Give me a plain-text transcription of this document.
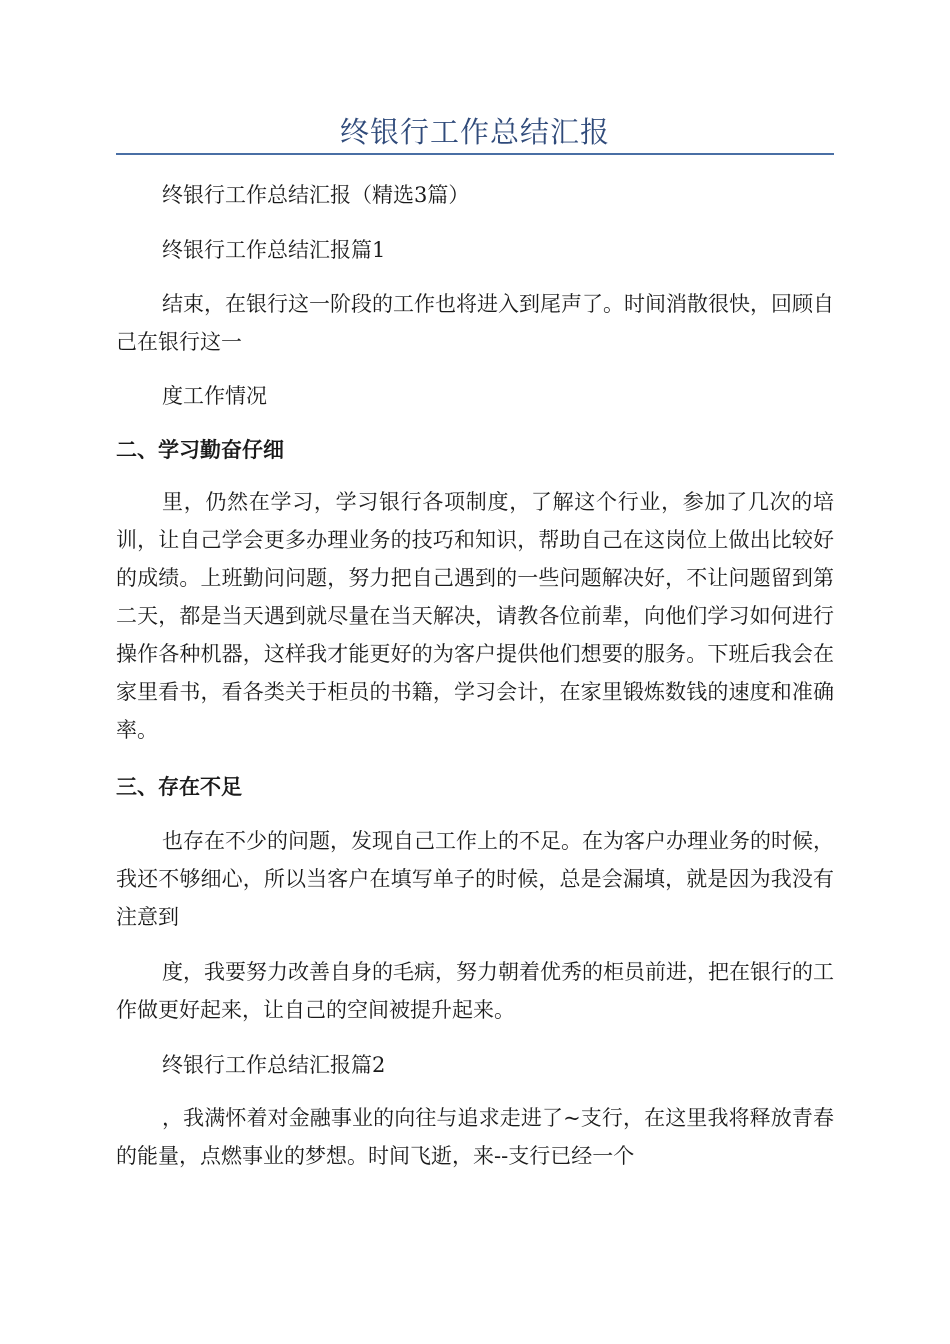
终银行工作总结汇报

终银行工作总结汇报（精选3篇）

终银行工作总结汇报篇1

结束，在银行这一阶段的工作也将进入到尾声了。时间消散很快，回顾自己在银行这一

度工作情况

二、学习勤奋仔细

里，仍然在学习，学习银行各项制度，了解这个行业，参加了几次的培训，让自己学会更多办理业务的技巧和知识，帮助自己在这岗位上做出比较好的成绩。上班勤问问题，努力把自己遇到的一些问题解决好，不让问题留到第二天，都是当天遇到就尽量在当天解决，请教各位前辈，向他们学习如何进行操作各种机器，这样我才能更好的为客户提供他们想要的服务。下班后我会在家里看书，看各类关于柜员的书籍，学习会计，在家里锻炼数钱的速度和准确率。

三、存在不足

也存在不少的问题，发现自己工作上的不足。在为客户办理业务的时候，我还不够细心，所以当客户在填写单子的时候，总是会漏填，就是因为我没有注意到

度，我要努力改善自身的毛病，努力朝着优秀的柜员前进，把在银行的工作做更好起来，让自己的空间被提升起来。

终银行工作总结汇报篇2

，我满怀着对金融事业的向往与追求走进了~支行，在这里我将释放青春的能量，点燃事业的梦想。时间飞逝，来--支行已经一个
